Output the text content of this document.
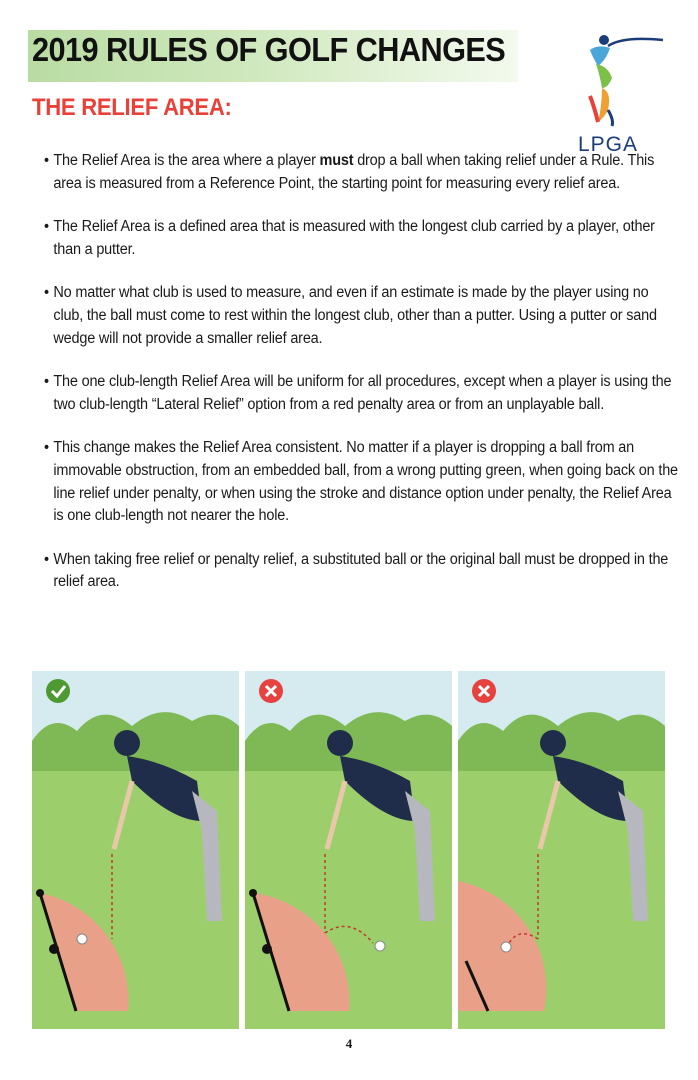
2019 RULES OF GOLF CHANGES
THE RELIEF AREA:
LPGA
• The Relief Area is the area where a player must drop a ball when taking relief under a Rule. This area is measured from a Reference Point, the starting point for measuring every relief area.
• The Relief Area is a defined area that is measured with the longest club carried by a player, other than a putter.
• No matter what club is used to measure, and even if an estimate is made by the player using no club, the ball must come to rest within the longest club, other than a putter. Using a putter or sand wedge will not provide a smaller relief area.
• The one club-length Relief Area will be uniform for all procedures, except when a player is using the two club-length “Lateral Relief” option from a red penalty area or from an unplayable ball.
• This change makes the Relief Area consistent. No matter if a player is dropping a ball from an immovable obstruction, from an embedded ball, from a wrong putting green, when going back on the line relief under penalty, or when using the stroke and distance option under penalty, the Relief Area is one club-length not nearer the hole.
• When taking free relief or penalty relief, a substituted ball or the original ball must be dropped in the relief area.
4
